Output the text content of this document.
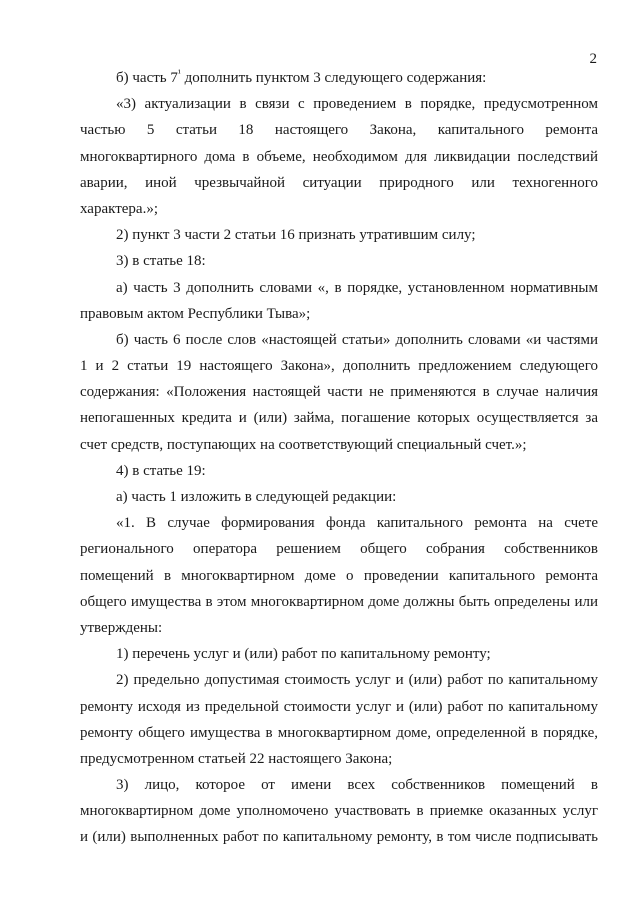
2
б) часть $7^{^1}$ дополнить пунктом 3 следующего содержания:
«3) актуализации в связи с проведением в порядке, предусмотренном
частью 5 статьи 18 настоящего Закона, капитального ремонта
многоквартирного дома в объеме, необходимом для ликвидации последствий
аварии, иной чрезвычайной ситуации природного или техногенного
характера.»;
2) пункт 3 части 2 статьи 16 признать утратившим силу;
3) в статье 18:
а) часть 3 дополнить словами «, в порядке, установленном нормативным
правовым актом Республики Тыва»;
б) часть 6 после слов «настоящей статьи» дополнить словами «и частями
1 и 2 статьи 19 настоящего Закона», дополнить предложением следующего
содержания: «Положения настоящей части не применяются в случае наличия
непогашенных кредита и (или) займа, погашение которых осуществляется за
счет средств, поступающих на соответствующий специальный счет.»;
4) в статье 19:
а) часть 1 изложить в следующей редакции:
«1. В случае формирования фонда капитального ремонта на счете
регионального оператора решением общего собрания собственников
помещений в многоквартирном доме о проведении капитального ремонта
общего имущества в этом многоквартирном доме должны быть определены или
утверждены:
1) перечень услуг и (или) работ по капитальному ремонту;
2) предельно допустимая стоимость услуг и (или) работ по капитальному
ремонту исходя из предельной стоимости услуг и (или) работ по капитальному
ремонту общего имущества в многоквартирном доме, определенной в порядке,
предусмотренном статьей 22 настоящего Закона;
3) лицо, которое от имени всех собственников помещений в
многоквартирном доме уполномочено участвовать в приемке оказанных услуг
и (или) выполненных работ по капитальному ремонту, в том числе подписывать
